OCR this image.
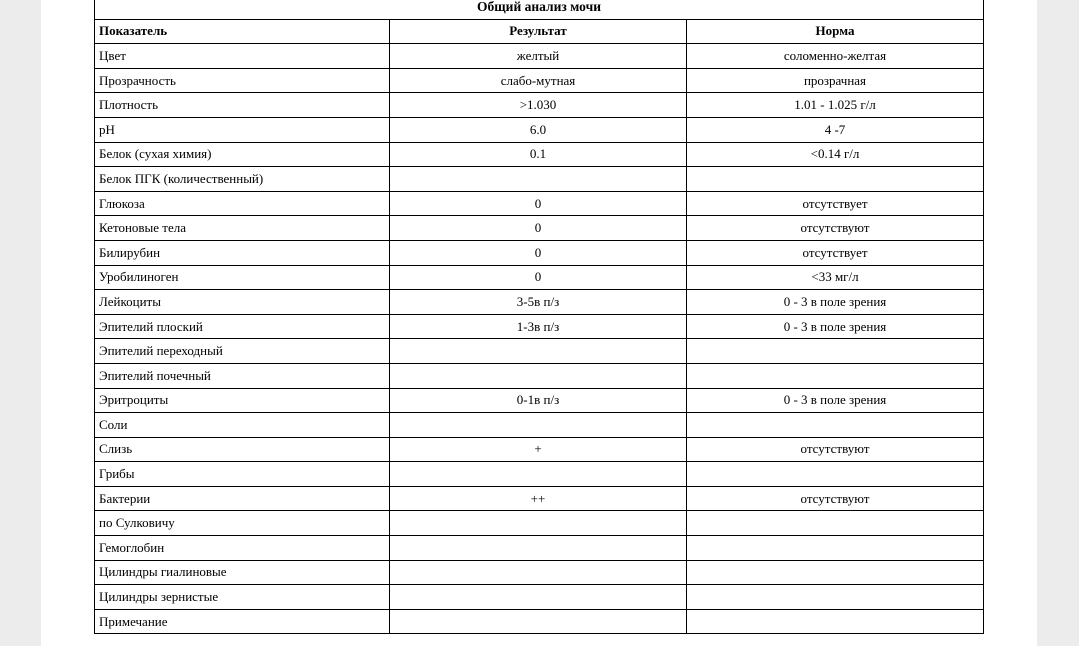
Общий анализ мочи		
Показатель	Результат	Норма
Цвет	желтый	соломенно-желтая
Прозрачность	слабо-мутная	прозрачная
Плотность	>1.030	1.01 - 1.025 г/л
pH	6.0	4 -7
Белок (сухая химия)	0.1	<0.14 г/л
Белок ПГК (количественный)		
Глюкоза	0	отсутствует
Кетоновые тела	0	отсутствуют
Билирубин	0	отсутствует
Уробилиноген	0	<33 мг/л
Лейкоциты	3-5в п/з	0 - 3 в поле зрения
Эпителий плоский	1-3в п/з	0 - 3 в поле зрения
Эпителий переходный		
Эпителий почечный		
Эритроциты	0-1в п/з	0 - 3 в поле зрения
Соли		
Слизь	+	отсутствуют
Грибы		
Бактерии	++	отсутствуют
по Сулковичу		
Гемоглобин		
Цилиндры гиалиновые		
Цилиндры зернистые		
Примечание		
